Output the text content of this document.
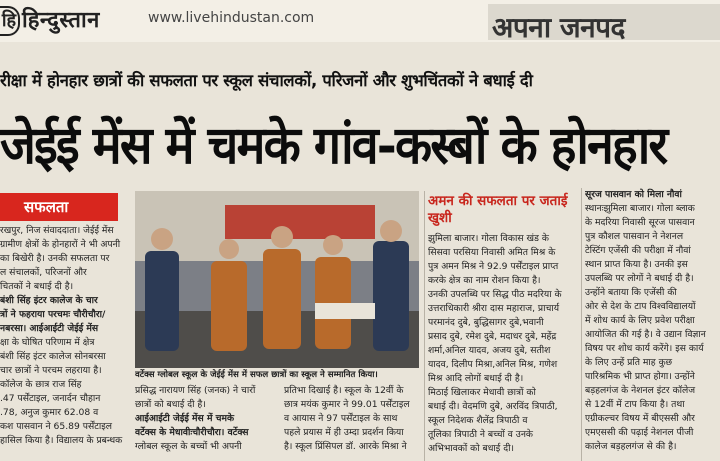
हि हिन्दुस्तान	www.livehindustan.com	अपना जनपद
रीक्षा में होनहार छात्रों की सफलता पर स्कूल संचालकों, परिजनों और शुभचिंतकों ने बधाई दी
जेईई मेंस में चमके गांव-कस्बों के होनहार
सफलता

रखपुर, निज संवाददाता। जेईई मेंस

ग्रामीण क्षेत्रों के होनहारों ने भी अपनी

का बिखेरी है। उनकी सफलता पर

ल संचालकों, परिजनों और

चितकों ने बधाई दी है।

बंशी सिंह इंटर कालेज के चार

त्रों ने फहराया परचमः चौरीचौरा/

नबरसा। आईआईटी जेईई मेंस

क्षा के घोषित परिणाम में क्षेत्र

बंशी सिंह इंटर कालेज सोनबरसा

चार छात्रों ने परचम लहराया है।

कॉलेज के छात्र राज सिंह

.47 पर्सेंटाइल, जनार्दन चौहान

.78, अनुज कुमार 62.08 व

कश पासवान ने 65.89 पर्सेंटाइल

हासिल किया है। विद्यालय के प्रबन्धक

वर्टेक्स ग्लोबल स्कूल के जेईई मेंस में सफल छात्रों का स्कूल ने सम्मानित किया।

प्रसिद्ध नारायण सिंह (जनक) ने चारों

छात्रों को बधाई दी है।

आईआईटी जेईई मेंस में चमके

वर्टेक्स के मेधावीःचौरीचौरा। वर्टेक्स

ग्लोबल स्कूल के बच्चों भी अपनी

प्रतिभा दिखाई है। स्कूल के 12वीं के

छात्र मयंक कुमार ने 99.01 पर्सेंटाइल

व आयास ने 97 पर्सेंटाइल के साथ

पहले प्रयास में ही उम्दा प्रदर्शन किया

है। स्कूल प्रिंसिपल डॉ. आरके मिश्रा ने

अमन की सफलता पर जताई खुशी

झुमिला बाजार। गोला विकास खंड के

सिसवा परसिया निवासी अमित मिश्र के

पुत्र अमन मिश्र ने 92.9 पर्सेंटाइल प्राप्त

करके क्षेत्र का नाम रोशन किया है।

उनकी उपलब्धि पर सिद्ध पीठ मदरिया के

उत्तराधिकारी श्रीरा दास महाराज, प्राचार्य

परमानंद दुबे, बुद्धिसागर दुबे,भवानी

प्रसाद दुबे, रमेश दुबे, मदाधर दुबे, महेंद्र

शर्मा,अनिल यादव, अजय दुबे, सतीश

यादव, दिलीप मिश्रा,अनिल मिश्र, गणेश

मिश्र आदि लोगों बधाई दी है।

मिठाई खिलाकर मेधावी छात्रों को

बधाई दी। वेदमणि दुबे, अरविंद त्रिपाठी,

स्कूल निदेशक शैलेंद्र त्रिपाठी व

तूलिका त्रिपाठी ने बच्चों व उनके

अभिभावकों को बधाई दी।

सूरज पासवान को मिला नौवां

स्थानःझुमिला बाजार। गोला ब्लाक

के मदरिया निवासी सूरज पासवान

पुत्र कौशल पासवान ने नेशनल

टेस्टिंग एजेंसी की परीक्षा में नौवां

स्थान प्राप्त किया है। उनकी इस

उपलब्धि पर लोगों ने बधाई दी है।

उन्होंने बताया कि एजेंसी की

ओर से देश के टाप विश्वविद्यालयों

में शोध कार्य के लिए प्रवेश परीक्षा

आयोजित की गई है। वे उद्यान विज्ञान

विषय पर शोध कार्य करेंगे। इस कार्य

के लिए उन्हें प्रति माह कुछ

पारिश्रमिक भी प्राप्त होगा। उन्होंने

बड़हलगंज के नेशनल इंटर कॉलेज

से 12वीं में टाप किया है। तथा

एग्रीकल्चर विषय में बीएससी और

एमएससी की पढ़ाई नेशनल पीजी

कालेज बड़हलगंज से की है।
